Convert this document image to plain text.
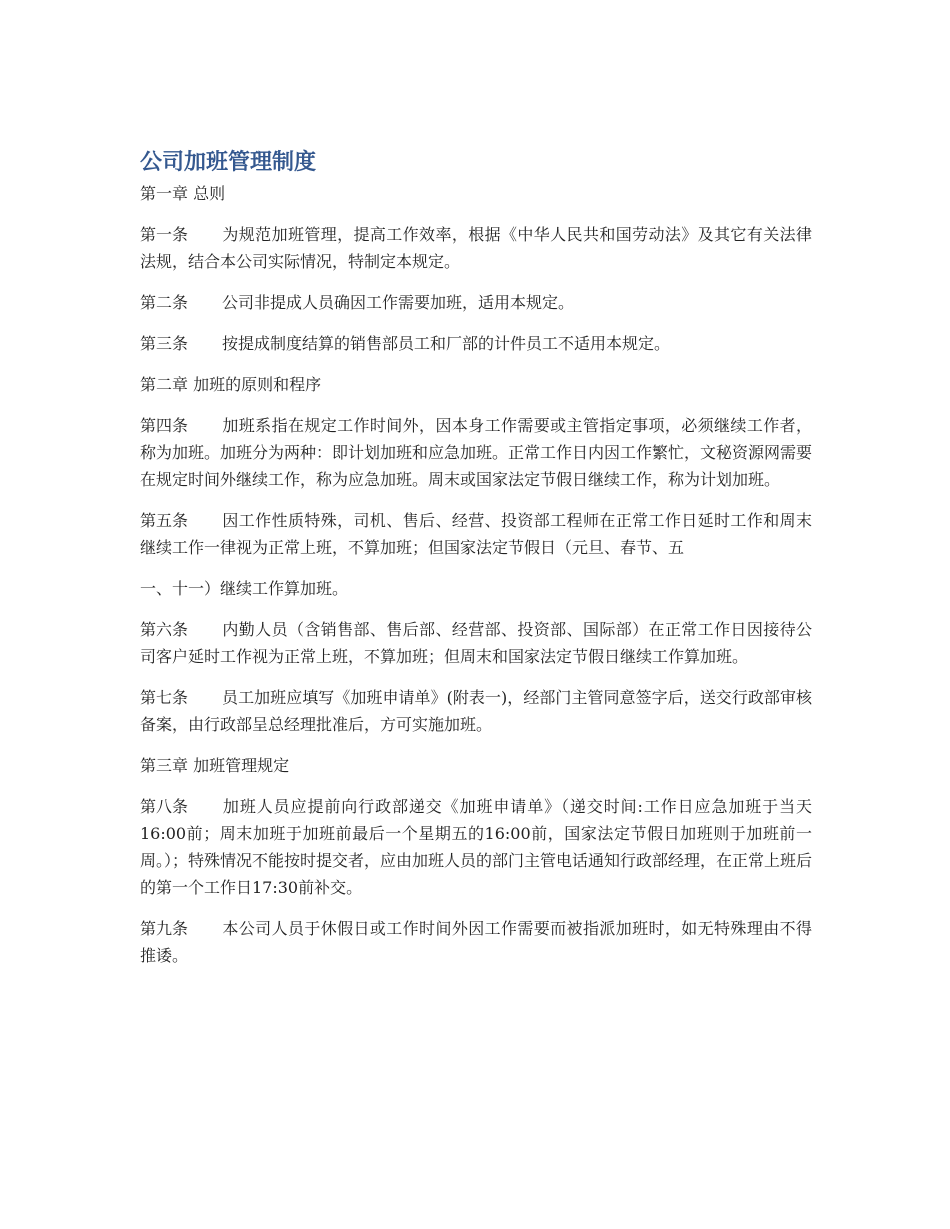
公司加班管理制度

第一章 总则

第一条 为规范加班管理，提高工作效率，根据《中华人民共和国劳动法》及其它有关法律法规，结合本公司实际情况，特制定本规定。

第二条 公司非提成人员确因工作需要加班，适用本规定。

第三条 按提成制度结算的销售部员工和厂部的计件员工不适用本规定。

第二章 加班的原则和程序

第四条 加班系指在规定工作时间外，因本身工作需要或主管指定事项，必须继续工作者，称为加班。加班分为两种：即计划加班和应急加班。正常工作日内因工作繁忙，文秘资源网需要在规定时间外继续工作，称为应急加班。周末或国家法定节假日继续工作，称为计划加班。

第五条 因工作性质特殊，司机、售后、经营、投资部工程师在正常工作日延时工作和周末继续工作一律视为正常上班，不算加班；但国家法定节假日（元旦、春节、五

一、十一）继续工作算加班。

第六条 内勤人员（含销售部、售后部、经营部、投资部、国际部）在正常工作日因接待公司客户延时工作视为正常上班，不算加班；但周末和国家法定节假日继续工作算加班。

第七条 员工加班应填写《加班申请单》(附表一)，经部门主管同意签字后，送交行政部审核备案，由行政部呈总经理批准后，方可实施加班。

第三章 加班管理规定

第八条 加班人员应提前向行政部递交《加班申请单》（递交时间:工作日应急加班于当天16:00前；周末加班于加班前最后一个星期五的16:00前，国家法定节假日加班则于加班前一周。）；特殊情况不能按时提交者，应由加班人员的部门主管电话通知行政部经理，在正常上班后的第一个工作日17:30前补交。

第九条 本公司人员于休假日或工作时间外因工作需要而被指派加班时，如无特殊理由不得推诿。
